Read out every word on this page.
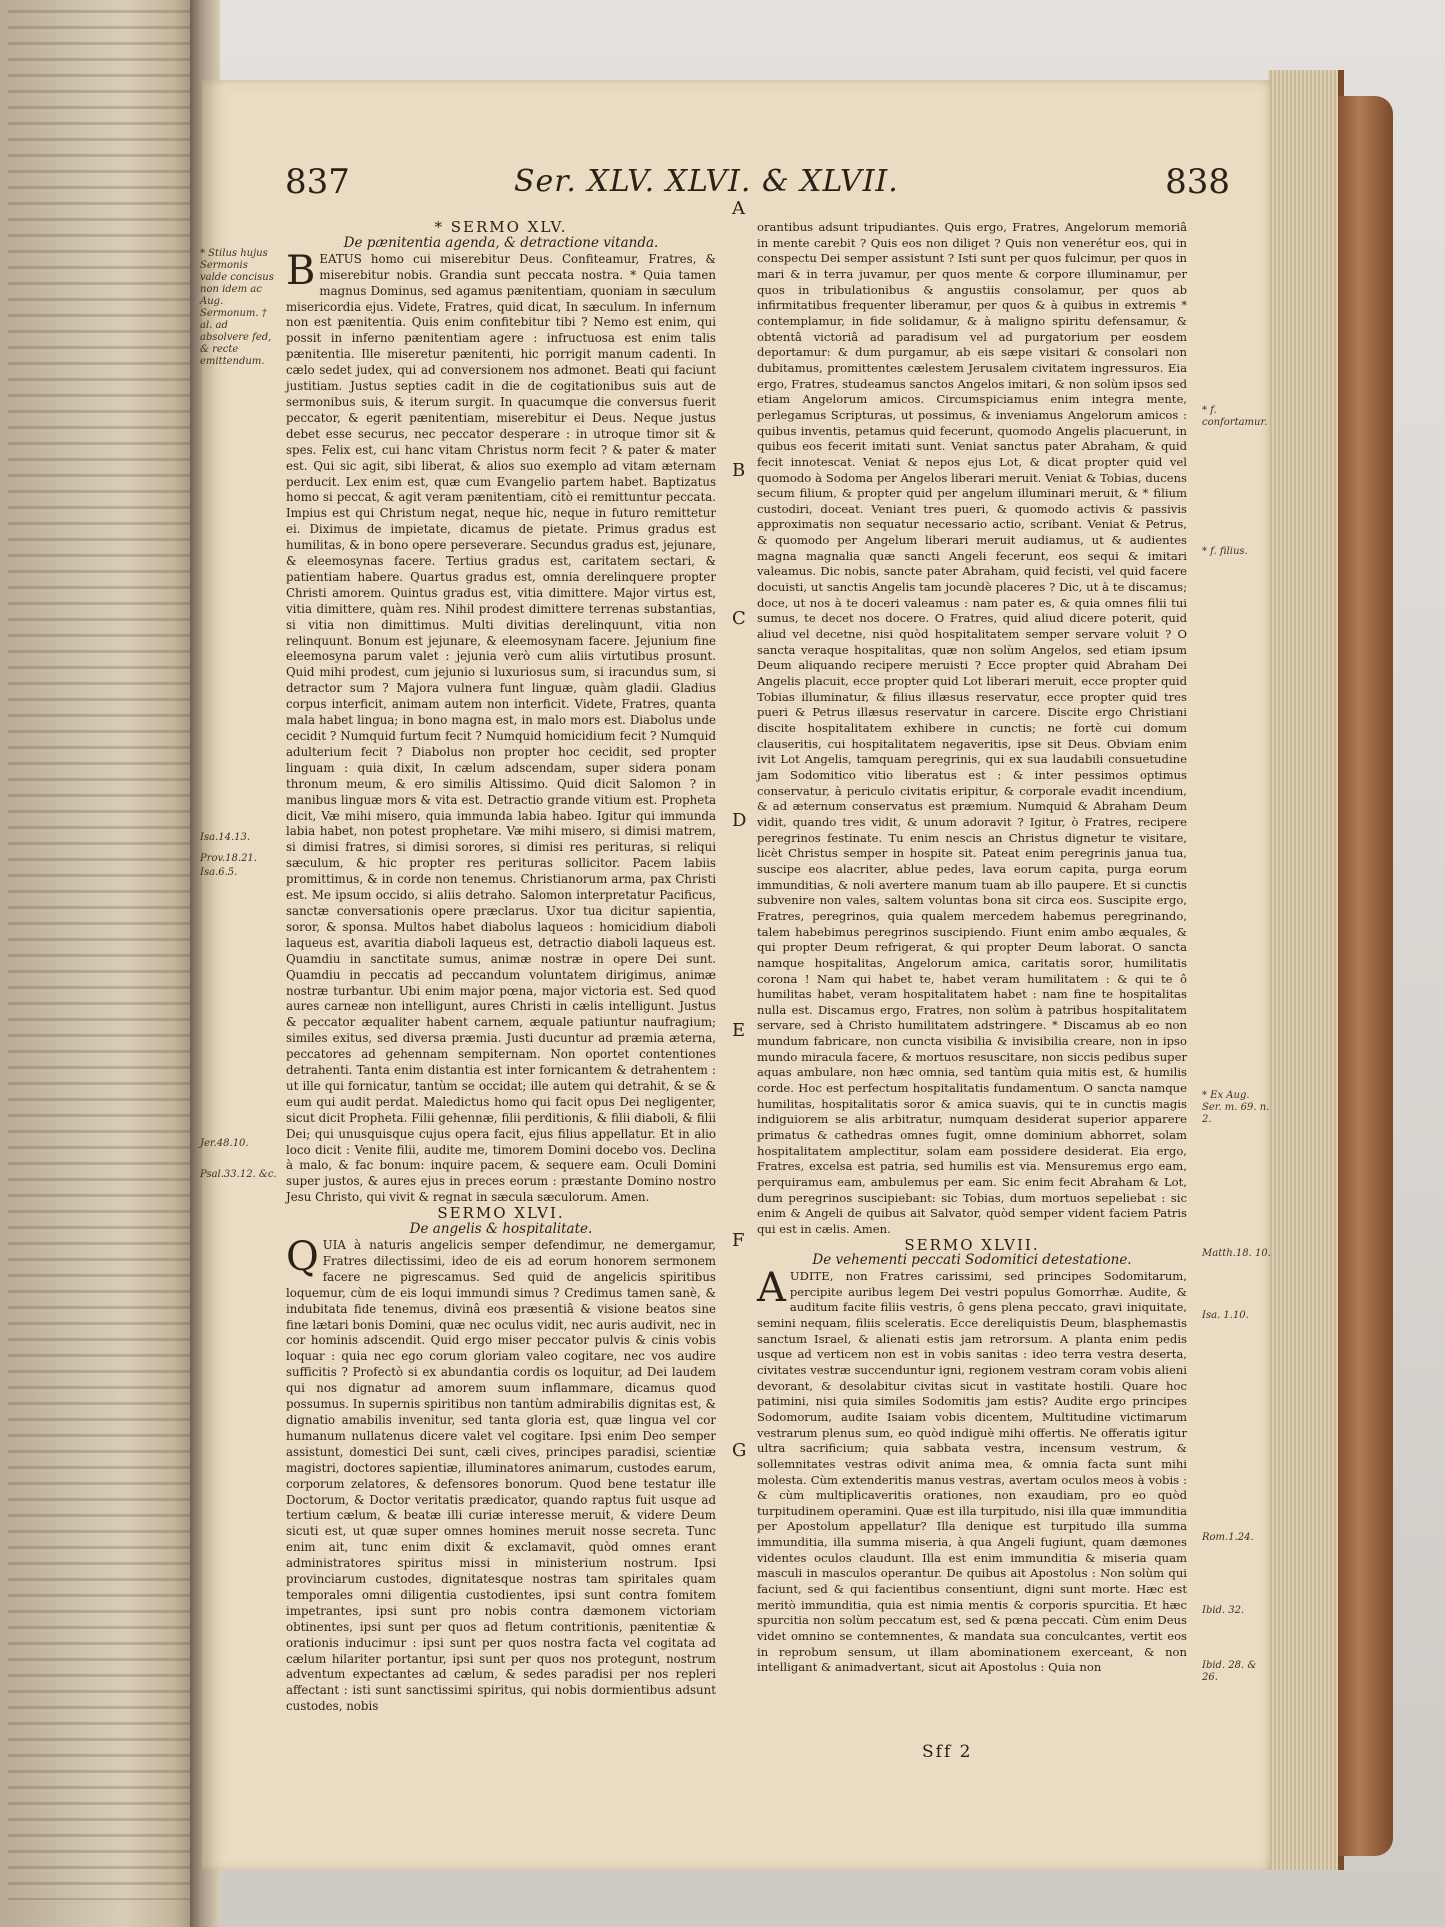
837	Ser. XLV. XLVI. & XLVII.	838
* Stilus hujus Sermonis valde concisus non idem ac Aug. Sermonum. † al. ad absolvere fed, & recte emittendum.
Isa.14.13.
Prov.18.21.
Isa.6.5.
Jer.48.10.
Psal.33.12. &c.
* f. confortamur.
* f. filius.
* Ex Aug. Ser. m. 69. n. 2.
Matth.18. 10.
Isa. 1.10.
Rom.1.24.
Ibid. 32.
Ibid. 28. & 26.
A
B
C
D
E
F
G

* SERMO XLV.

De pænitentia agenda, & detractione vitanda.

BEATUS homo cui miserebitur Deus. Confiteamur, Fratres, & miserebitur nobis. Grandia sunt peccata nostra. * Quia tamen magnus Dominus, sed agamus pænitentiam, quoniam in sæculum misericordia ejus. Videte, Fratres, quid dicat, In sæculum. In infernum non est pænitentia. Quis enim confitebitur tibi ? Nemo est enim, qui possit in inferno pænitentiam agere : infructuosa est enim talis pænitentia. Ille miseretur pænitenti, hic porrigit manum cadenti. In cælo sedet judex, qui ad conversionem nos admonet. Beati qui faciunt justitiam. Justus septies cadit in die de cogitationibus suis aut de sermonibus suis, & iterum surgit. In quacumque die conversus fuerit peccator, & egerit pænitentiam, miserebitur ei Deus. Neque justus debet esse securus, nec peccator desperare : in utroque timor sit & spes. Felix est, cui hanc vitam Christus norm fecit ? & pater & mater est. Qui sic agit, sibi liberat, & alios suo exemplo ad vitam æternam perducit. Lex enim est, quæ cum Evangelio partem habet. Baptizatus homo si peccat, & agit veram pænitentiam, citò ei remittuntur peccata. Impius est qui Christum negat, neque hic, neque in futuro remittetur ei. Diximus de impietate, dicamus de pietate. Primus gradus est humilitas, & in bono opere perseverare. Secundus gradus est, jejunare, & eleemosynas facere. Tertius gradus est, caritatem sectari, & patientiam habere. Quartus gradus est, omnia derelinquere propter Christi amorem. Quintus gradus est, vitia dimittere. Major virtus est, vitia dimittere, quàm res. Nihil prodest dimittere terrenas substantias, si vitia non dimittimus. Multi divitias derelinquunt, vitia non relinquunt. Bonum est jejunare, & eleemosynam facere. Jejunium fine eleemosyna parum valet : jejunia verò cum aliis virtutibus prosunt. Quid mihi prodest, cum jejunio si luxuriosus sum, si iracundus sum, si detractor sum ? Majora vulnera funt linguæ, quàm gladii. Gladius corpus interficit, animam autem non interficit. Videte, Fratres, quanta mala habet lingua; in bono magna est, in malo mors est. Diabolus unde cecidit ? Numquid furtum fecit ? Numquid homicidium fecit ? Numquid adulterium fecit ? Diabolus non propter hoc cecidit, sed propter linguam : quia dixit, In cælum adscendam, super sidera ponam thronum meum, & ero similis Altissimo. Quid dicit Salomon ? in manibus linguæ mors & vita est. Detractio grande vitium est. Propheta dicit, Væ mihi misero, quia immunda labia habeo. Igitur qui immunda labia habet, non potest prophetare. Væ mihi misero, si dimisi matrem, si dimisi fratres, si dimisi sorores, si dimisi res perituras, si reliqui sæculum, & hic propter res perituras sollicitor. Pacem labiis promittimus, & in corde non tenemus. Christianorum arma, pax Christi est. Me ipsum occido, si aliis detraho. Salomon interpretatur Pacificus, sanctæ conversationis opere præclarus. Uxor tua dicitur sapientia, soror, & sponsa. Multos habet diabolus laqueos : homicidium diaboli laqueus est, avaritia diaboli laqueus est, detractio diaboli laqueus est. Quamdiu in sanctitate sumus, animæ nostræ in opere Dei sunt. Quamdiu in peccatis ad peccandum voluntatem dirigimus, animæ nostræ turbantur. Ubi enim major pœna, major victoria est. Sed quod aures carneæ non intelligunt, aures Christi in cælis intelligunt. Justus & peccator æqualiter habent carnem, æquale patiuntur naufragium; similes exitus, sed diversa præmia. Justi ducuntur ad præmia æterna, peccatores ad gehennam sempiternam. Non oportet contentiones detrahenti. Tanta enim distantia est inter fornicantem & detrahentem : ut ille qui fornicatur, tantùm se occidat; ille autem qui detrahit, & se & eum qui audit perdat. Maledictus homo qui facit opus Dei negligenter, sicut dicit Propheta. Filii gehennæ, filii perditionis, & filii diaboli, & filii Dei; qui unusquisque cujus opera facit, ejus filius appellatur. Et in alio loco dicit : Venite filii, audite me, timorem Domini docebo vos. Declina à malo, & fac bonum: inquire pacem, & sequere eam. Oculi Domini super justos, & aures ejus in preces eorum : præstante Domino nostro Jesu Christo, qui vivit & regnat in sæcula sæculorum. Amen.

SERMO XLVI.

De angelis & hospitalitate.

QUIA à naturis angelicis semper defendimur, ne demergamur, Fratres dilectissimi, ideo de eis ad eorum honorem sermonem facere ne pigrescamus. Sed quid de angelicis spiritibus loquemur, cùm de eis loqui immundi simus ? Credimus tamen sanè, & indubitata fide tenemus, divinâ eos præsentiâ & visione beatos sine fine lætari bonis Domini, quæ nec oculus vidit, nec auris audivit, nec in cor hominis adscendit. Quid ergo miser peccator pulvis & cinis vobis loquar : quia nec ego corum gloriam valeo cogitare, nec vos audire sufficitis ? Profectò si ex abundantia cordis os loquitur, ad Dei laudem qui nos dignatur ad amorem suum inflammare, dicamus quod possumus. In supernis spiritibus non tantùm admirabilis dignitas est, & dignatio amabilis invenitur, sed tanta gloria est, quæ lingua vel cor humanum nullatenus dicere valet vel cogitare. Ipsi enim Deo semper assistunt, domestici Dei sunt, cæli cives, principes paradisi, scientiæ magistri, doctores sapientiæ, illuminatores animarum, custodes earum, corporum zelatores, & defensores bonorum. Quod bene testatur ille Doctorum, & Doctor veritatis prædicator, quando raptus fuit usque ad tertium cælum, & beatæ illi curiæ interesse meruit, & videre Deum sicuti est, ut quæ super omnes homines meruit nosse secreta. Tunc enim ait, tunc enim dixit & exclamavit, quòd omnes erant administratores spiritus missi in ministerium nostrum. Ipsi provinciarum custodes, dignitatesque nostras tam spiritales quam temporales omni diligentia custodientes, ipsi sunt contra fomitem impetrantes, ipsi sunt pro nobis contra dæmonem victoriam obtinentes, ipsi sunt per quos ad fletum contritionis, pænitentiæ & orationis inducimur : ipsi sunt per quos nostra facta vel cogitata ad cælum hilariter portantur, ipsi sunt per quos nos protegunt, nostrum adventum expectantes ad cælum, & sedes paradisi per nos repleri affectant : isti sunt sanctissimi spiritus, qui nobis dormientibus adsunt custodes, nobis

orantibus adsunt tripudiantes. Quis ergo, Fratres, Angelorum memoriâ in mente carebit ? Quis eos non diliget ? Quis non venerétur eos, qui in conspectu Dei semper assistunt ? Isti sunt per quos fulcimur, per quos in mari & in terra juvamur, per quos mente & corpore illuminamur, per quos in tribulationibus & angustiis consolamur, per quos ab infirmitatibus frequenter liberamur, per quos & à quibus in extremis * contemplamur, in fide solidamur, & à maligno spiritu defensamur, & obtentâ victoriâ ad paradisum vel ad purgatorium per eosdem deportamur: & dum purgamur, ab eis sæpe visitari & consolari non dubitamus, promittentes cælestem Jerusalem civitatem ingressuros. Eia ergo, Fratres, studeamus sanctos Angelos imitari, & non solùm ipsos sed etiam Angelorum amicos. Circumspiciamus enim integra mente, perlegamus Scripturas, ut possimus, & inveniamus Angelorum amicos : quibus inventis, petamus quid fecerunt, quomodo Angelis placuerunt, in quibus eos fecerit imitati sunt. Veniat sanctus pater Abraham, & quid fecit innotescat. Veniat & nepos ejus Lot, & dicat propter quid vel quomodo à Sodoma per Angelos liberari meruit. Veniat & Tobias, ducens secum filium, & propter quid per angelum illuminari meruit, & * filium custodiri, doceat. Veniant tres pueri, & quomodo activis & passivis approximatis non sequatur necessario actio, scribant. Veniat & Petrus, & quomodo per Angelum liberari meruit audiamus, ut & audientes magna magnalia quæ sancti Angeli fecerunt, eos sequi & imitari valeamus. Dic nobis, sancte pater Abraham, quid fecisti, vel quid facere docuisti, ut sanctis Angelis tam jocundè placeres ? Dic, ut à te discamus; doce, ut nos à te doceri valeamus : nam pater es, & quia omnes filii tui sumus, te decet nos docere. O Fratres, quid aliud dicere poterit, quid aliud vel decetne, nisi quòd hospitalitatem semper servare voluit ? O sancta veraque hospitalitas, quæ non solùm Angelos, sed etiam ipsum Deum aliquando recipere meruisti ? Ecce propter quid Abraham Dei Angelis placuit, ecce propter quid Lot liberari meruit, ecce propter quid Tobias illuminatur, & filius illæsus reservatur, ecce propter quid tres pueri & Petrus illæsus reservatur in carcere. Discite ergo Christiani discite hospitalitatem exhibere in cunctis; ne fortè cui domum clauseritis, cui hospitalitatem negaveritis, ipse sit Deus. Obviam enim ivit Lot Angelis, tamquam peregrinis, qui ex sua laudabili consuetudine jam Sodomitico vitio liberatus est : & inter pessimos optimus conservatur, à periculo civitatis eripitur, & corporale evadit incendium, & ad æternum conservatus est præmium. Numquid & Abraham Deum vidit, quando tres vidit, & unum adoravit ? Igitur, ò Fratres, recipere peregrinos festinate. Tu enim nescis an Christus dignetur te visitare, licèt Christus semper in hospite sit. Pateat enim peregrinis janua tua, suscipe eos alacriter, ablue pedes, lava eorum capita, purga eorum immunditias, & noli avertere manum tuam ab illo paupere. Et si cunctis subvenire non vales, saltem voluntas bona sit circa eos. Suscipite ergo, Fratres, peregrinos, quia qualem mercedem habemus peregrinando, talem habebimus peregrinos suscipiendo. Fiunt enim ambo æquales, & qui propter Deum refrigerat, & qui propter Deum laborat. O sancta namque hospitalitas, Angelorum amica, caritatis soror, humilitatis corona ! Nam qui habet te, habet veram humilitatem : & qui te ô humilitas habet, veram hospitalitatem habet : nam fine te hospitalitas nulla est. Discamus ergo, Fratres, non solùm à patribus hospitalitatem servare, sed à Christo humilitatem adstringere. * Discamus ab eo non mundum fabricare, non cuncta visibilia & invisibilia creare, non in ipso mundo miracula facere, & mortuos resuscitare, non siccis pedibus super aquas ambulare, non hæc omnia, sed tantùm quia mitis est, & humilis corde. Hoc est perfectum hospitalitatis fundamentum. O sancta namque humilitas, hospitalitatis soror & amica suavis, qui te in cunctis magis indiguiorem se alis arbitratur, numquam desiderat superior apparere primatus & cathedras omnes fugit, omne dominium abhorret, solam hospitalitatem amplectitur, solam eam possidere desiderat. Eia ergo, Fratres, excelsa est patria, sed humilis est via. Mensuremus ergo eam, perquiramus eam, ambulemus per eam. Sic enim fecit Abraham & Lot, dum peregrinos suscipiebant: sic Tobias, dum mortuos sepeliebat : sic enim & Angeli de quibus ait Salvator, quòd semper vident faciem Patris qui est in cælis. Amen.

SERMO XLVII.

De vehementi peccati Sodomitici detestatione.

AUDITE, non Fratres carissimi, sed principes Sodomitarum, percipite auribus legem Dei vestri populus Gomorrhæ. Audite, & auditum facite filiis vestris, ô gens plena peccato, gravi iniquitate, semini nequam, filiis sceleratis. Ecce dereliquistis Deum, blasphemastis sanctum Israel, & alienati estis jam retrorsum. A planta enim pedis usque ad verticem non est in vobis sanitas : ideo terra vestra deserta, civitates vestræ succenduntur igni, regionem vestram coram vobis alieni devorant, & desolabitur civitas sicut in vastitate hostili. Quare hoc patimini, nisi quia similes Sodomitis jam estis? Audite ergo principes Sodomorum, audite Isaiam vobis dicentem, Multitudine victimarum vestrarum plenus sum, eo quòd indiguè mihi offertis. Ne offeratis igitur ultra sacrificium; quia sabbata vestra, incensum vestrum, & sollemnitates vestras odivit anima mea, & omnia facta sunt mihi molesta. Cùm extenderitis manus vestras, avertam oculos meos à vobis : & cùm multiplicaveritis orationes, non exaudiam, pro eo quòd turpitudinem operamini. Quæ est illa turpitudo, nisi illa quæ immunditia per Apostolum appellatur? Illa denique est turpitudo illa summa immunditia, illa summa miseria, à qua Angeli fugiunt, quam dæmones videntes oculos claudunt. Illa est enim immunditia & miseria quam masculi in masculos operantur. De quibus ait Apostolus : Non solùm qui faciunt, sed & qui facientibus consentiunt, digni sunt morte. Hæc est meritò immunditia, quia est nimia mentis & corporis spurcitia. Et hæc spurcitia non solùm peccatum est, sed & pœna peccati. Cùm enim Deus videt omnino se contemnentes, & mandata sua conculcantes, vertit eos in reprobum sensum, ut illam abominationem exerceant, & non intelligant & animadvertant, sicut ait Apostolus : Quia non

Sff 2
